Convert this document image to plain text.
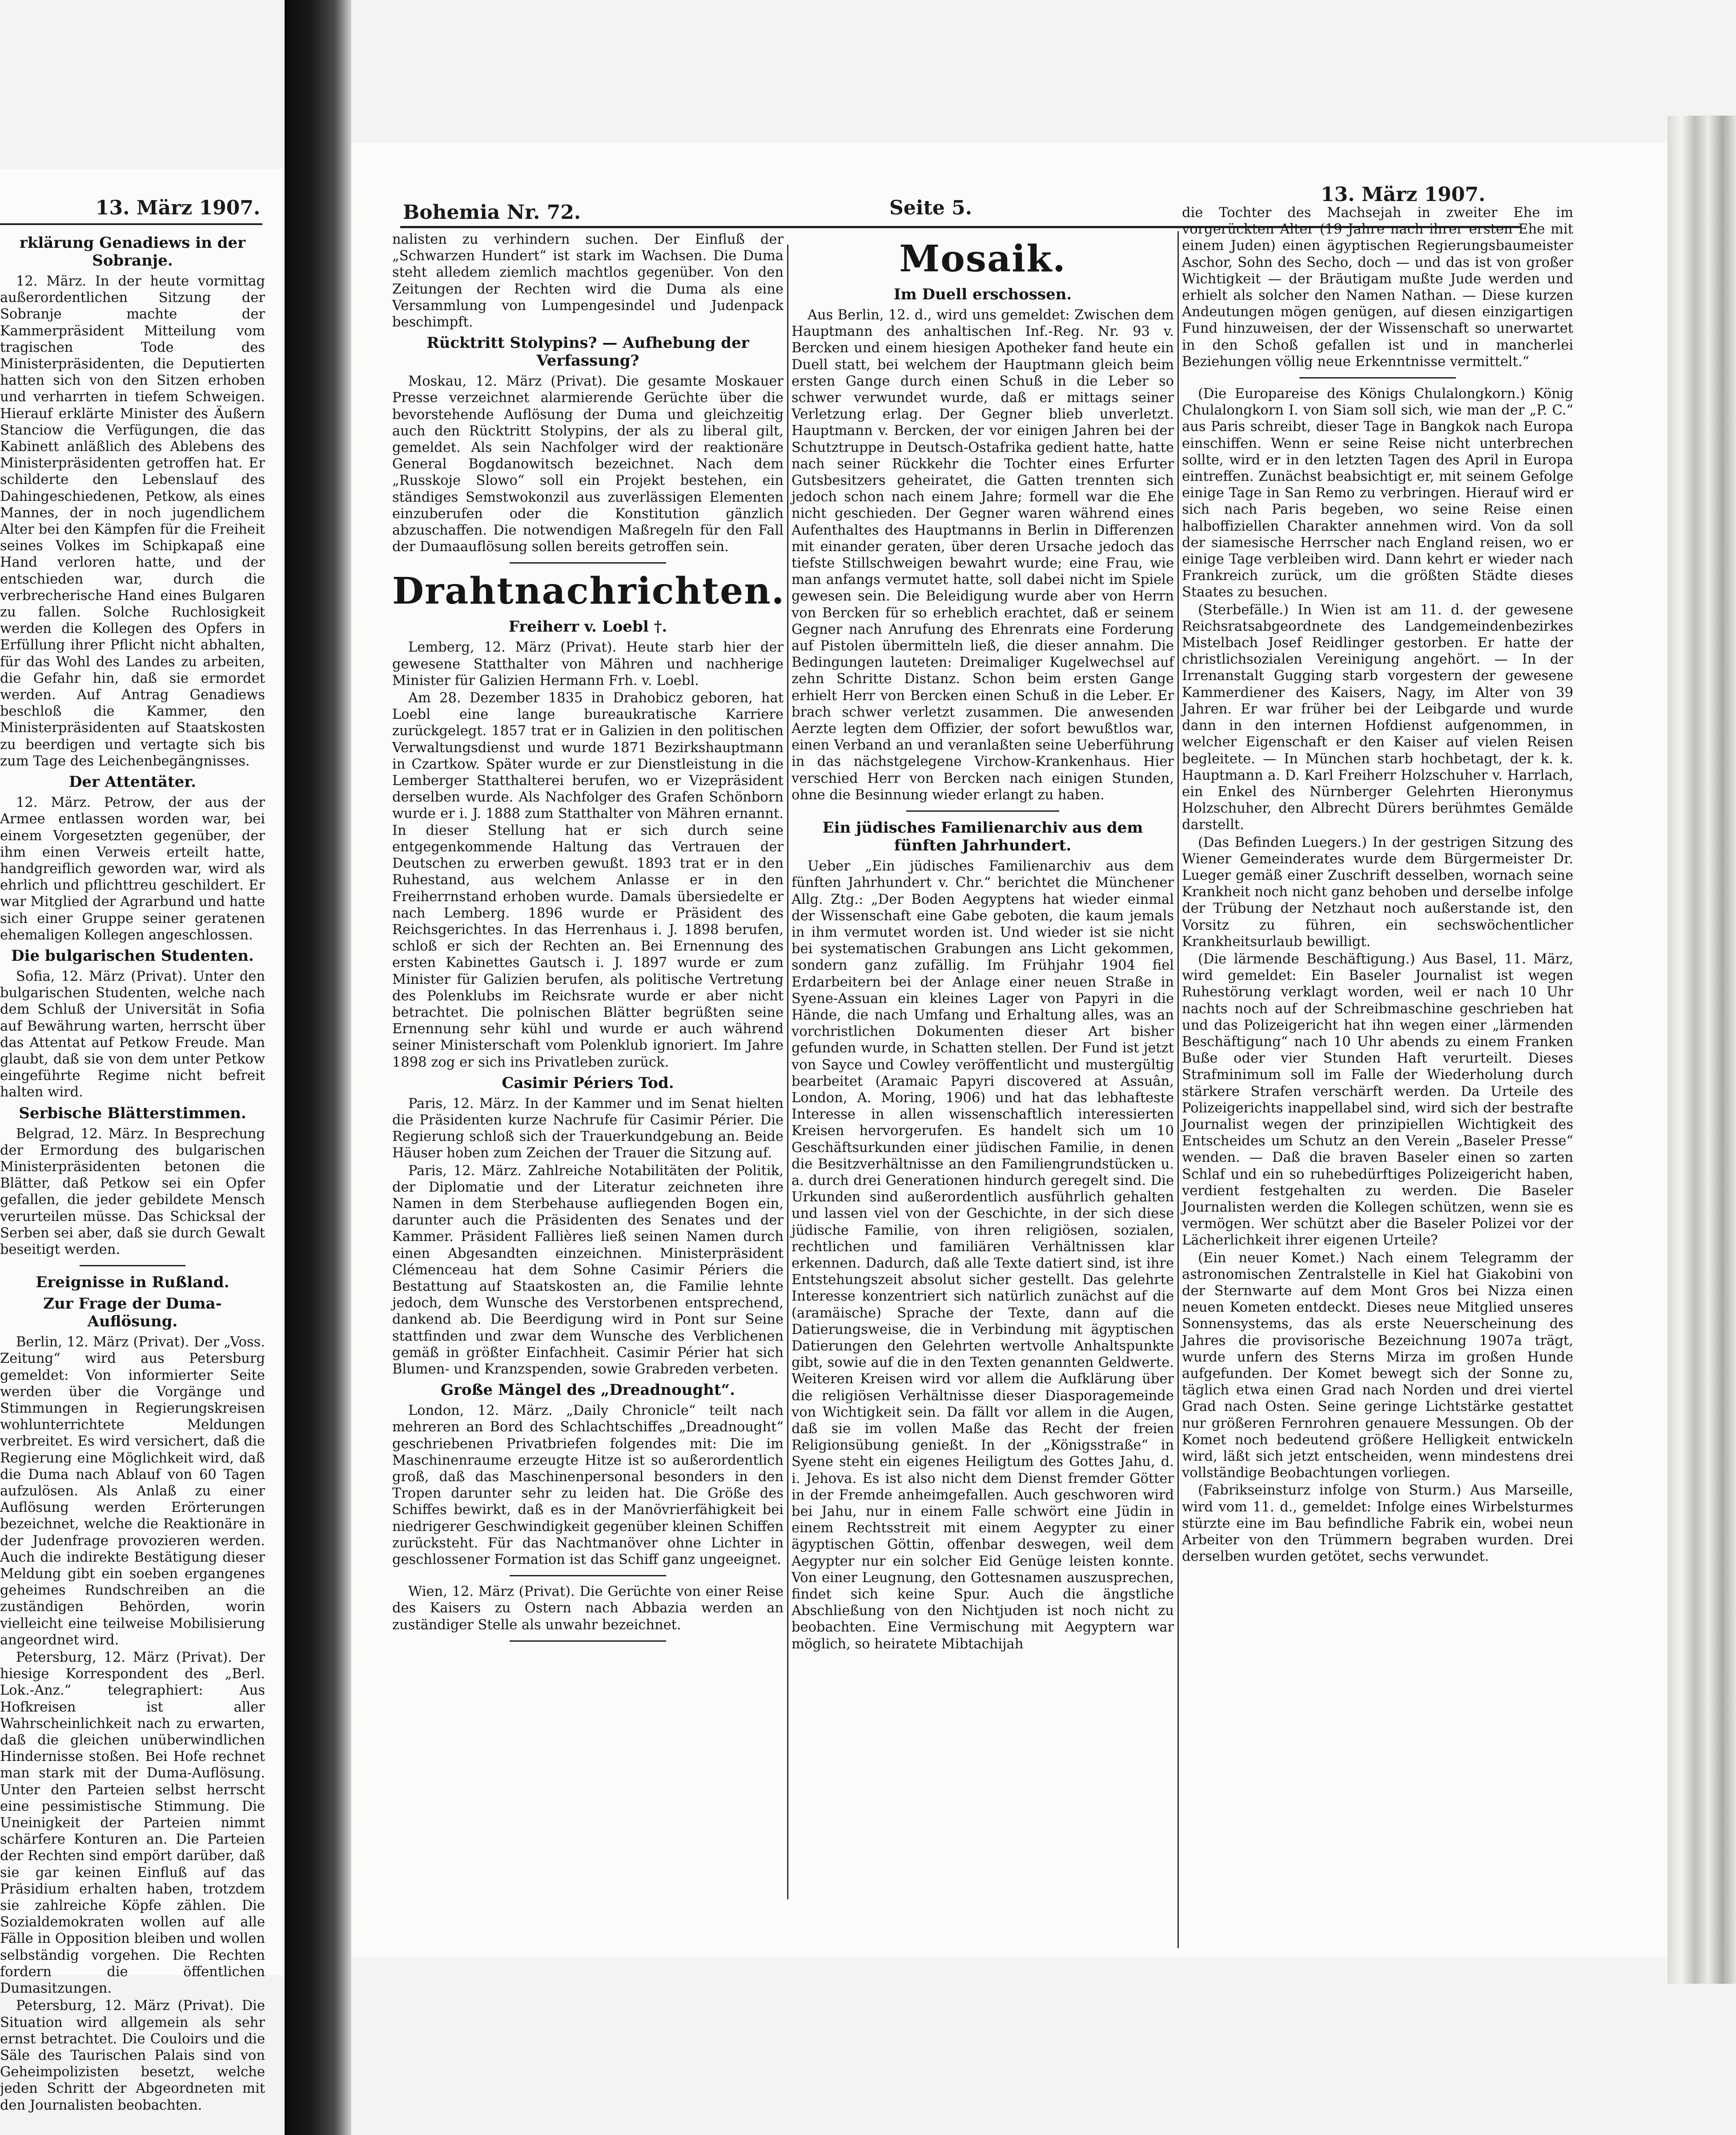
13. März 1907.
rklärung Genadiews in der Sobranje.

12. März. In der heute vormittag außerordentlichen Sitzung der Sobranje machte der Kammerpräsident Mitteilung vom tragischen Tode des Ministerpräsidenten, die Deputierten hatten sich von den Sitzen erhoben und verharrten in tiefem Schweigen. Hierauf erklärte Minister des Äußern Stanciow die Verfügungen, die das Kabinett anläßlich des Ablebens des Ministerpräsidenten getroffen hat. Er schilderte den Lebenslauf des Dahingeschiedenen, Petkow, als eines Mannes, der in noch jugendlichem Alter bei den Kämpfen für die Freiheit seines Volkes im Schipkapaß eine Hand verloren hatte, und der entschieden war, durch die verbrecherische Hand eines Bulgaren zu fallen. Solche Ruchlosigkeit werden die Kollegen des Opfers in Erfüllung ihrer Pflicht nicht abhalten, für das Wohl des Landes zu arbeiten, die Gefahr hin, daß sie ermordet werden. Auf Antrag Genadiews beschloß die Kammer, den Ministerpräsidenten auf Staatskosten zu beerdigen und vertagte sich bis zum Tage des Leichenbegängnisses.

Der Attentäter.

12. März. Petrow, der aus der Armee entlassen worden war, bei einem Vorgesetzten gegenüber, der ihm einen Verweis erteilt hatte, handgreiflich geworden war, wird als ehrlich und pflichttreu geschildert. Er war Mitglied der Agrarbund und hatte sich einer Gruppe seiner geratenen ehemaligen Kollegen angeschlossen.

Die bulgarischen Studenten.

Sofia, 12. März (Privat). Unter den bulgarischen Studenten, welche nach dem Schluß der Universität in Sofia auf Bewährung warten, herrscht über das Attentat auf Petkow Freude. Man glaubt, daß sie von dem unter Petkow eingeführte Regime nicht befreit halten wird.

Serbische Blätterstimmen.

Belgrad, 12. März. In Besprechung der Ermordung des bulgarischen Ministerpräsidenten betonen die Blätter, daß Petkow sei ein Opfer gefallen, die jeder gebildete Mensch verurteilen müsse. Das Schicksal der Serben sei aber, daß sie durch Gewalt beseitigt werden.

Ereignisse in Rußland.
Zur Frage der Duma-Auflösung.

Berlin, 12. März (Privat). Der „Voss. Zeitung“ wird aus Petersburg gemeldet: Von informierter Seite werden über die Vorgänge und Stimmungen in Regierungskreisen wohlunterrichtete Meldungen verbreitet. Es wird versichert, daß die Regierung eine Möglichkeit wird, daß die Duma nach Ablauf von 60 Tagen aufzulösen. Als Anlaß zu einer Auflösung werden Erörterungen bezeichnet, welche die Reaktionäre in der Judenfrage provozieren werden. Auch die indirekte Bestätigung dieser Meldung gibt ein soeben ergangenes geheimes Rundschreiben an die zuständigen Behörden, worin vielleicht eine teilweise Mobilisierung angeordnet wird.

Petersburg, 12. März (Privat). Der hiesige Korrespondent des „Berl. Lok.-Anz.“ telegraphiert: Aus Hofkreisen ist aller Wahrscheinlichkeit nach zu erwarten, daß die gleichen unüberwindlichen Hindernisse stoßen. Bei Hofe rechnet man stark mit der Duma-Auflösung. Unter den Parteien selbst herrscht eine pessimistische Stimmung. Die Uneinigkeit der Parteien nimmt schärfere Konturen an. Die Parteien der Rechten sind empört darüber, daß sie gar keinen Einfluß auf das Präsidium erhalten haben, trotzdem sie zahlreiche Köpfe zählen. Die Sozialdemokraten wollen auf alle Fälle in Opposition bleiben und wollen selbständig vorgehen. Die Rechten fordern die öffentlichen Dumasitzungen.

Petersburg, 12. März (Privat). Die Situation wird allgemein als sehr ernst betrachtet. Die Couloirs und die Säle des Taurischen Palais sind von Geheimpolizisten besetzt, welche jeden Schritt der Abgeordneten mit den Journalisten beobachten.

Bohemia Nr. 72.	Seite 5.
13. März 1907.

nalisten zu verhindern suchen. Der Einfluß der „Schwarzen Hundert“ ist stark im Wachsen. Die Duma steht alledem ziemlich machtlos gegenüber. Von den Zeitungen der Rechten wird die Duma als eine Versammlung von Lumpengesindel und Judenpack beschimpft.

Rücktritt Stolypins? — Aufhebung der Verfassung?

Moskau, 12. März (Privat). Die gesamte Moskauer Presse verzeichnet alarmierende Gerüchte über die bevorstehende Auflösung der Duma und gleichzeitig auch den Rücktritt Stolypins, der als zu liberal gilt, gemeldet. Als sein Nachfolger wird der reaktionäre General Bogdanowitsch bezeichnet. Nach dem „Russkoje Slowo“ soll ein Projekt bestehen, ein ständiges Semstwokonzil aus zuverlässigen Elementen einzuberufen oder die Konstitution gänzlich abzuschaffen. Die notwendigen Maßregeln für den Fall der Dumaauflösung sollen bereits getroffen sein.

Drahtnachrichten.
Freiherr v. Loebl †.

Lemberg, 12. März (Privat). Heute starb hier der gewesene Statthalter von Mähren und nachherige Minister für Galizien Hermann Frh. v. Loebl.

Am 28. Dezember 1835 in Drahobicz geboren, hat Loebl eine lange bureaukratische Karriere zurückgelegt. 1857 trat er in Galizien in den politischen Verwaltungsdienst und wurde 1871 Bezirkshauptmann in Czartkow. Später wurde er zur Dienstleistung in die Lemberger Statthalterei berufen, wo er Vizepräsident derselben wurde. Als Nachfolger des Grafen Schönborn wurde er i. J. 1888 zum Statthalter von Mähren ernannt. In dieser Stellung hat er sich durch seine entgegenkommende Haltung das Vertrauen der Deutschen zu erwerben gewußt. 1893 trat er in den Ruhestand, aus welchem Anlasse er in den Freiherrnstand erhoben wurde. Damals übersiedelte er nach Lemberg. 1896 wurde er Präsident des Reichsgerichtes. In das Herrenhaus i. J. 1898 berufen, schloß er sich der Rechten an. Bei Ernennung des ersten Kabinettes Gautsch i. J. 1897 wurde er zum Minister für Galizien berufen, als politische Vertretung des Polenklubs im Reichsrate wurde er aber nicht betrachtet. Die polnischen Blätter begrüßten seine Ernennung sehr kühl und wurde er auch während seiner Ministerschaft vom Polenklub ignoriert. Im Jahre 1898 zog er sich ins Privatleben zurück.

Casimir Périers Tod.

Paris, 12. März. In der Kammer und im Senat hielten die Präsidenten kurze Nachrufe für Casimir Périer. Die Regierung schloß sich der Trauerkundgebung an. Beide Häuser hoben zum Zeichen der Trauer die Sitzung auf.

Paris, 12. März. Zahlreiche Notabilitäten der Politik, der Diplomatie und der Literatur zeichneten ihre Namen in dem Sterbehause aufliegenden Bogen ein, darunter auch die Präsidenten des Senates und der Kammer. Präsident Fallières ließ seinen Namen durch einen Abgesandten einzeichnen. Ministerpräsident Clémenceau hat dem Sohne Casimir Périers die Bestattung auf Staatskosten an, die Familie lehnte jedoch, dem Wunsche des Verstorbenen entsprechend, dankend ab. Die Beerdigung wird in Pont sur Seine stattfinden und zwar dem Wunsche des Verblichenen gemäß in größter Einfachheit. Casimir Périer hat sich Blumen- und Kranzspenden, sowie Grabreden verbeten.

Große Mängel des „Dreadnought“.

London, 12. März. „Daily Chronicle“ teilt nach mehreren an Bord des Schlachtschiffes „Dreadnought“ geschriebenen Privatbriefen folgendes mit: Die im Maschinenraume erzeugte Hitze ist so außerordentlich groß, daß das Maschinenpersonal besonders in den Tropen darunter sehr zu leiden hat. Die Größe des Schiffes bewirkt, daß es in der Manövrierfähigkeit bei niedrigerer Geschwindigkeit gegenüber kleinen Schiffen zurücksteht. Für das Nachtmanöver ohne Lichter in geschlossener Formation ist das Schiff ganz ungeeignet.

Wien, 12. März (Privat). Die Gerüchte von einer Reise des Kaisers zu Ostern nach Abbazia werden an zuständiger Stelle als unwahr bezeichnet.

Mosaik.
Im Duell erschossen.

Aus Berlin, 12. d., wird uns gemeldet: Zwischen dem Hauptmann des anhaltischen Inf.-Reg. Nr. 93 v. Bercken und einem hiesigen Apotheker fand heute ein Duell statt, bei welchem der Hauptmann gleich beim ersten Gange durch einen Schuß in die Leber so schwer verwundet wurde, daß er mittags seiner Verletzung erlag. Der Gegner blieb unverletzt. Hauptmann v. Bercken, der vor einigen Jahren bei der Schutztruppe in Deutsch-Ostafrika gedient hatte, hatte nach seiner Rückkehr die Tochter eines Erfurter Gutsbesitzers geheiratet, die Gatten trennten sich jedoch schon nach einem Jahre; formell war die Ehe nicht geschieden. Der Gegner waren während eines Aufenthaltes des Hauptmanns in Berlin in Differenzen mit einander geraten, über deren Ursache jedoch das tiefste Stillschweigen bewahrt wurde; eine Frau, wie man anfangs vermutet hatte, soll dabei nicht im Spiele gewesen sein. Die Beleidigung wurde aber von Herrn von Bercken für so erheblich erachtet, daß er seinem Gegner nach Anrufung des Ehrenrats eine Forderung auf Pistolen übermitteln ließ, die dieser annahm. Die Bedingungen lauteten: Dreimaliger Kugelwechsel auf zehn Schritte Distanz. Schon beim ersten Gange erhielt Herr von Bercken einen Schuß in die Leber. Er brach schwer verletzt zusammen. Die anwesenden Aerzte legten dem Offizier, der sofort bewußtlos war, einen Verband an und veranlaßten seine Ueberführung in das nächstgelegene Virchow-Krankenhaus. Hier verschied Herr von Bercken nach einigen Stunden, ohne die Besinnung wieder erlangt zu haben.

Ein jüdisches Familienarchiv aus dem fünften Jahrhundert.

Ueber „Ein jüdisches Familienarchiv aus dem fünften Jahrhundert v. Chr.“ berichtet die Münchener Allg. Ztg.: „Der Boden Aegyptens hat wieder einmal der Wissenschaft eine Gabe geboten, die kaum jemals in ihm vermutet worden ist. Und wieder ist sie nicht bei systematischen Grabungen ans Licht gekommen, sondern ganz zufällig. Im Frühjahr 1904 fiel Erdarbeitern bei der Anlage einer neuen Straße in Syene-Assuan ein kleines Lager von Papyri in die Hände, die nach Umfang und Erhaltung alles, was an vorchristlichen Dokumenten dieser Art bisher gefunden wurde, in Schatten stellen. Der Fund ist jetzt von Sayce und Cowley veröffentlicht und mustergültig bearbeitet (Aramaic Papyri discovered at Assuân, London, A. Moring, 1906) und hat das lebhafteste Interesse in allen wissenschaftlich interessierten Kreisen hervorgerufen. Es handelt sich um 10 Geschäftsurkunden einer jüdischen Familie, in denen die Besitzverhältnisse an den Familiengrundstücken u. a. durch drei Generationen hindurch geregelt sind. Die Urkunden sind außerordentlich ausführlich gehalten und lassen viel von der Geschichte, in der sich diese jüdische Familie, von ihren religiösen, sozialen, rechtlichen und familiären Verhältnissen klar erkennen. Dadurch, daß alle Texte datiert sind, ist ihre Entstehungszeit absolut sicher gestellt. Das gelehrte Interesse konzentriert sich natürlich zunächst auf die (aramäische) Sprache der Texte, dann auf die Datierungsweise, die in Verbindung mit ägyptischen Datierungen den Gelehrten wertvolle Anhaltspunkte gibt, sowie auf die in den Texten genannten Geldwerte. Weiteren Kreisen wird vor allem die Aufklärung über die religiösen Verhältnisse dieser Diasporagemeinde von Wichtigkeit sein. Da fällt vor allem in die Augen, daß sie im vollen Maße das Recht der freien Religionsübung genießt. In der „Königsstraße“ in Syene steht ein eigenes Heiligtum des Gottes Jahu, d. i. Jehova. Es ist also nicht dem Dienst fremder Götter in der Fremde anheimgefallen. Auch geschworen wird bei Jahu, nur in einem Falle schwört eine Jüdin in einem Rechtsstreit mit einem Aegypter zu einer ägyptischen Göttin, offenbar deswegen, weil dem Aegypter nur ein solcher Eid Genüge leisten konnte. Von einer Leugnung, den Gottesnamen auszusprechen, findet sich keine Spur. Auch die ängstliche Abschließung von den Nichtjuden ist noch nicht zu beobachten. Eine Vermischung mit Aegyptern war möglich, so heiratete Mibtachijah

die Tochter des Machsejah in zweiter Ehe im vorgerückten Alter (19 Jahre nach ihrer ersten Ehe mit einem Juden) einen ägyptischen Regierungsbaumeister Aschor, Sohn des Secho, doch — und das ist von großer Wichtigkeit — der Bräutigam mußte Jude werden und erhielt als solcher den Namen Nathan. — Diese kurzen Andeutungen mögen genügen, auf diesen einzigartigen Fund hinzuweisen, der der Wissenschaft so unerwartet in den Schoß gefallen ist und in mancherlei Beziehungen völlig neue Erkenntnisse vermittelt.“

(Die Europareise des Königs Chulalongkorn.) König Chulalongkorn I. von Siam soll sich, wie man der „P. C.“ aus Paris schreibt, dieser Tage in Bangkok nach Europa einschiffen. Wenn er seine Reise nicht unterbrechen sollte, wird er in den letzten Tagen des April in Europa eintreffen. Zunächst beabsichtigt er, mit seinem Gefolge einige Tage in San Remo zu verbringen. Hierauf wird er sich nach Paris begeben, wo seine Reise einen halboffiziellen Charakter annehmen wird. Von da soll der siamesische Herrscher nach England reisen, wo er einige Tage verbleiben wird. Dann kehrt er wieder nach Frankreich zurück, um die größten Städte dieses Staates zu besuchen.

(Sterbefälle.) In Wien ist am 11. d. der gewesene Reichsratsabgeordnete des Landgemeindenbezirkes Mistelbach Josef Reidlinger gestorben. Er hatte der christlichsozialen Vereinigung angehört. — In der Irrenanstalt Gugging starb vorgestern der gewesene Kammerdiener des Kaisers, Nagy, im Alter von 39 Jahren. Er war früher bei der Leibgarde und wurde dann in den internen Hofdienst aufgenommen, in welcher Eigenschaft er den Kaiser auf vielen Reisen begleitete. — In München starb hochbetagt, der k. k. Hauptmann a. D. Karl Freiherr Holzschuher v. Harrlach, ein Enkel des Nürnberger Gelehrten Hieronymus Holzschuher, den Albrecht Dürers berühmtes Gemälde darstellt.

(Das Befinden Luegers.) In der gestrigen Sitzung des Wiener Gemeinderates wurde dem Bürgermeister Dr. Lueger gemäß einer Zuschrift desselben, wornach seine Krankheit noch nicht ganz behoben und derselbe infolge der Trübung der Netzhaut noch außerstande ist, den Vorsitz zu führen, ein sechswöchentlicher Krankheitsurlaub bewilligt.

(Die lärmende Beschäftigung.) Aus Basel, 11. März, wird gemeldet: Ein Baseler Journalist ist wegen Ruhestörung verklagt worden, weil er nach 10 Uhr nachts noch auf der Schreibmaschine geschrieben hat und das Polizeigericht hat ihn wegen einer „lärmenden Beschäftigung“ nach 10 Uhr abends zu einem Franken Buße oder vier Stunden Haft verurteilt. Dieses Strafminimum soll im Falle der Wiederholung durch stärkere Strafen verschärft werden. Da Urteile des Polizeigerichts inappellabel sind, wird sich der bestrafte Journalist wegen der prinzipiellen Wichtigkeit des Entscheides um Schutz an den Verein „Baseler Presse“ wenden. — Daß die braven Baseler einen so zarten Schlaf und ein so ruhebedürftiges Polizeigericht haben, verdient festgehalten zu werden. Die Baseler Journalisten werden die Kollegen schützen, wenn sie es vermögen. Wer schützt aber die Baseler Polizei vor der Lächerlichkeit ihrer eigenen Urteile?

(Ein neuer Komet.) Nach einem Telegramm der astronomischen Zentralstelle in Kiel hat Giakobini von der Sternwarte auf dem Mont Gros bei Nizza einen neuen Kometen entdeckt. Dieses neue Mitglied unseres Sonnensystems, das als erste Neuerscheinung des Jahres die provisorische Bezeichnung 1907a trägt, wurde unfern des Sterns Mirza im großen Hunde aufgefunden. Der Komet bewegt sich der Sonne zu, täglich etwa einen Grad nach Norden und drei viertel Grad nach Osten. Seine geringe Lichtstärke gestattet nur größeren Fernrohren genauere Messungen. Ob der Komet noch bedeutend größere Helligkeit entwickeln wird, läßt sich jetzt entscheiden, wenn mindestens drei vollständige Beobachtungen vorliegen.

(Fabrikseinsturz infolge von Sturm.) Aus Marseille, wird vom 11. d., gemeldet: Infolge eines Wirbelsturmes stürzte eine im Bau befindliche Fabrik ein, wobei neun Arbeiter von den Trümmern begraben wurden. Drei derselben wurden getötet, sechs verwundet.
